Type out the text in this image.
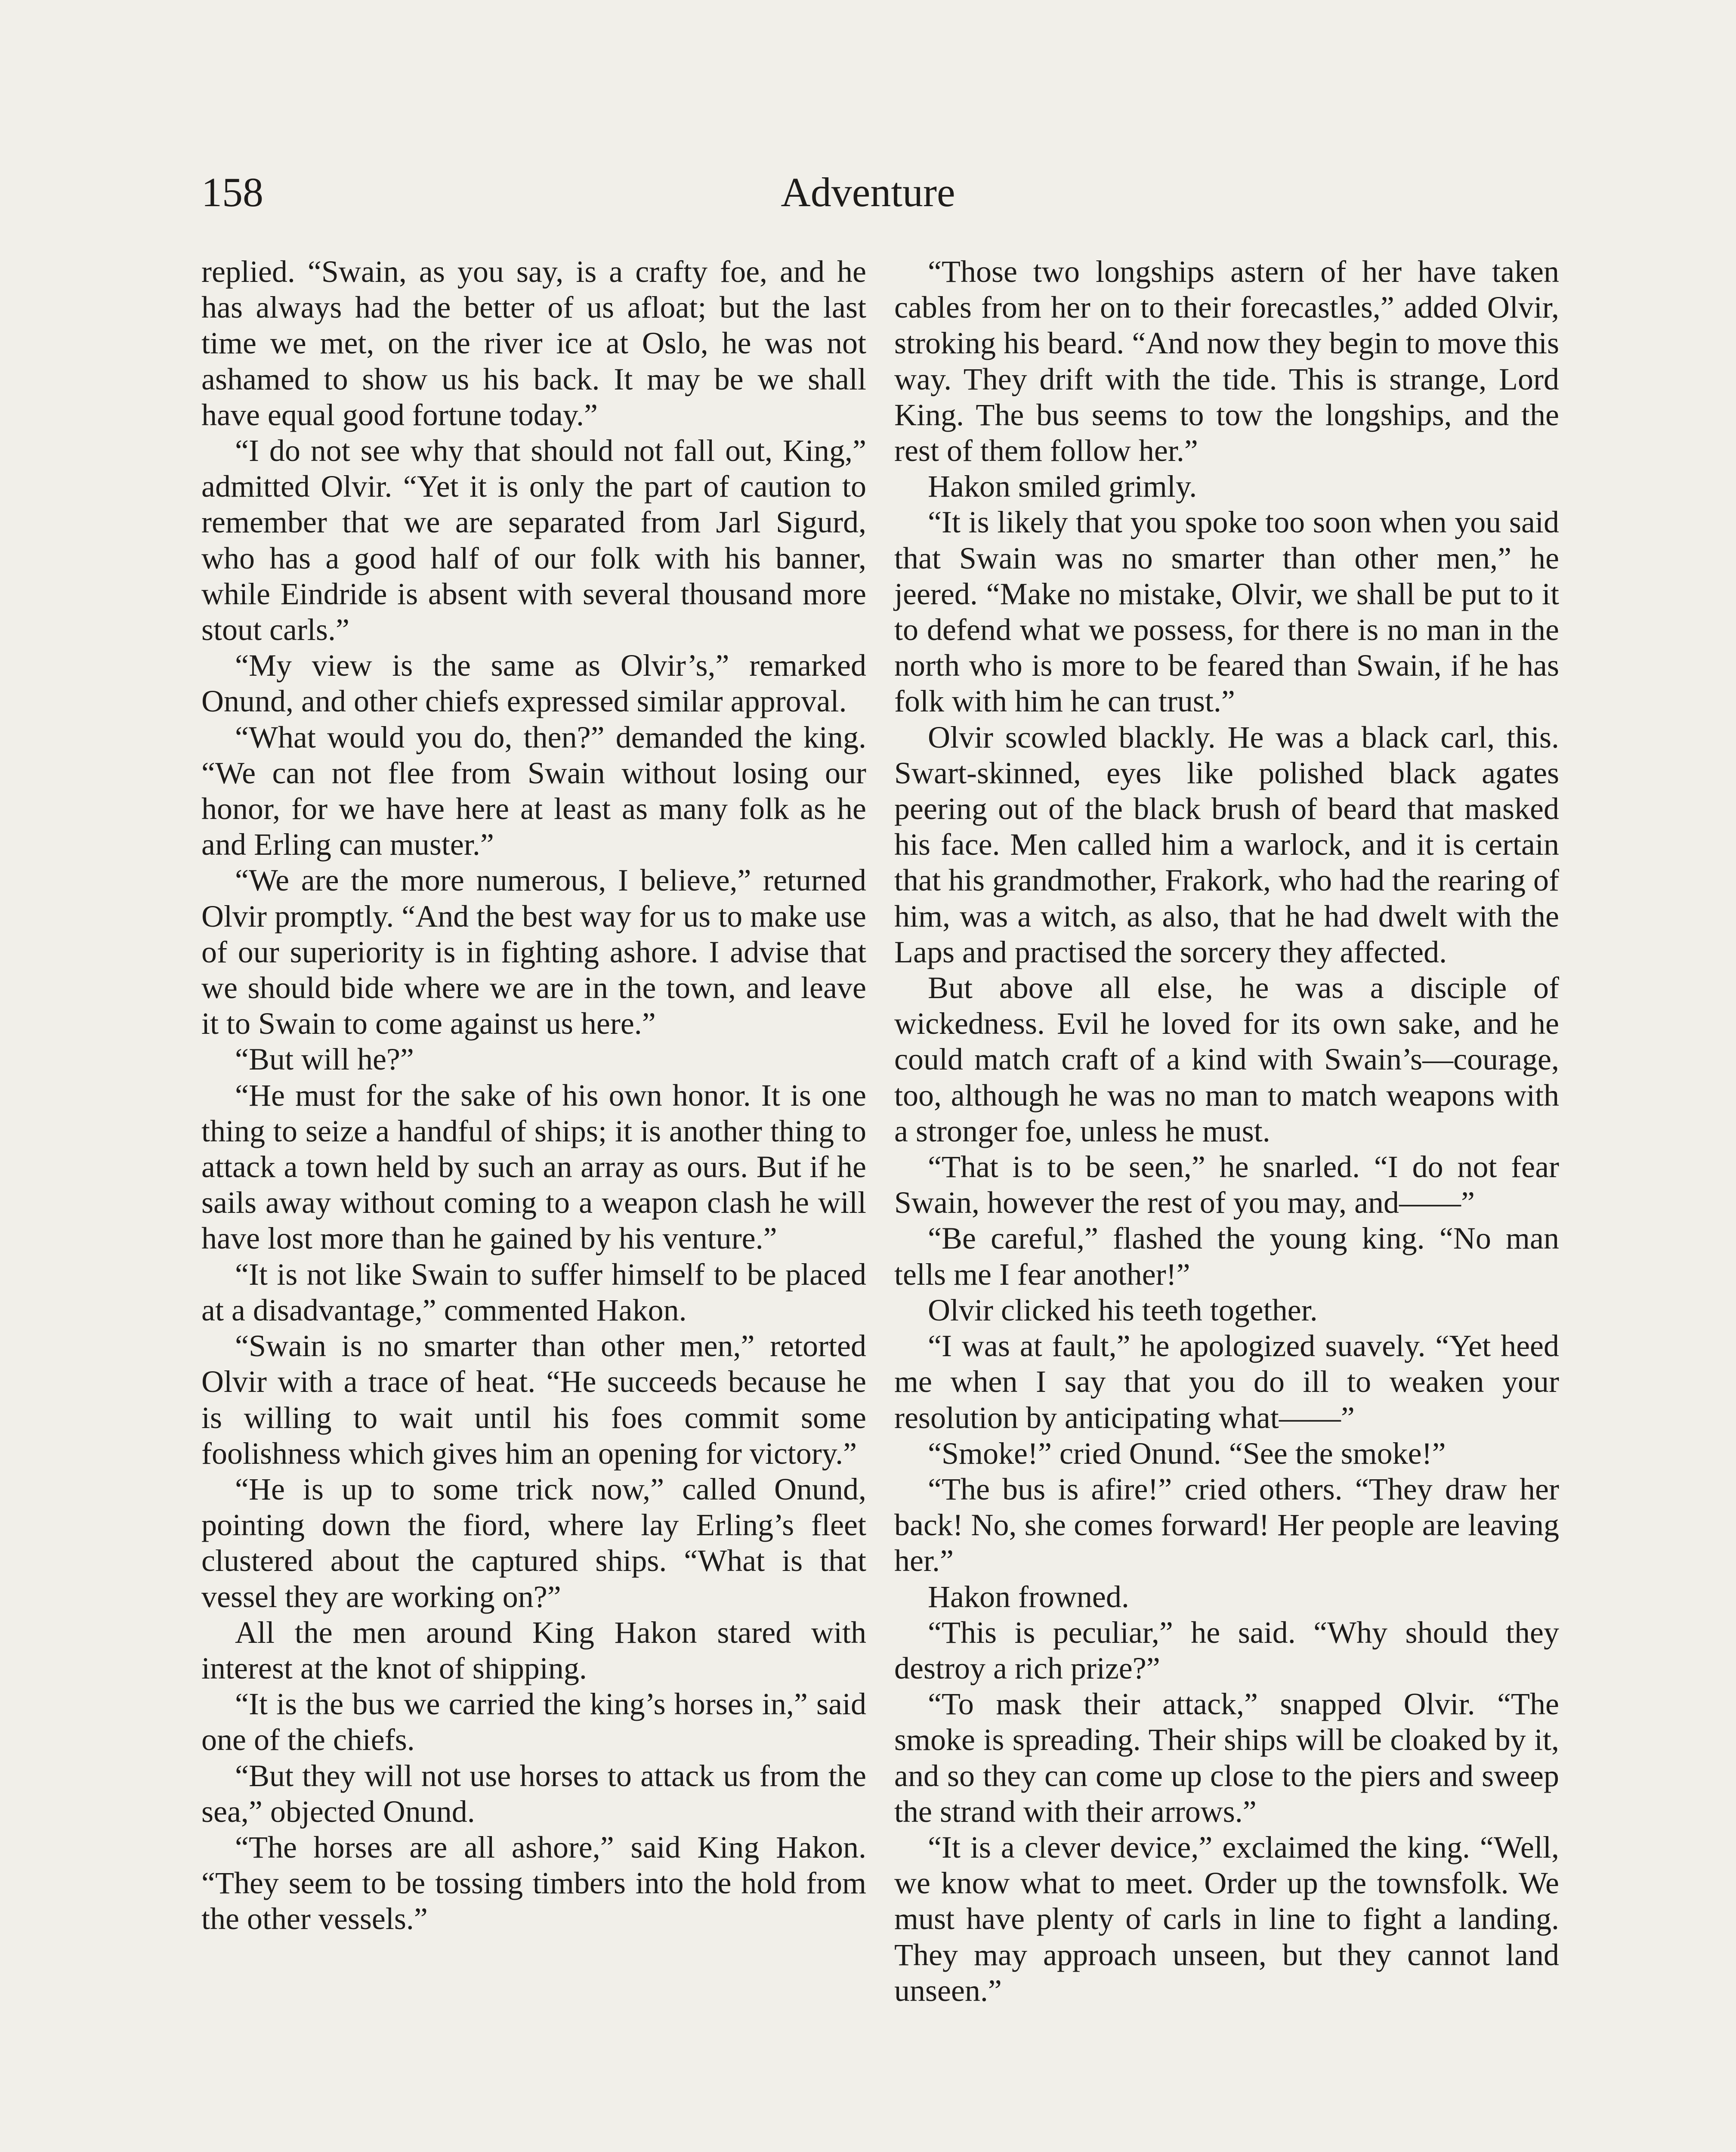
158	Adventure

replied. “Swain, as you say, is a crafty foe, and he has always had the better of us afloat; but the last time we met, on the river ice at Oslo, he was not ashamed to show us his back. It may be we shall have equal good fortune today.”

“I do not see why that should not fall out, King,” admitted Olvir. “Yet it is only the part of caution to remember that we are separated from Jarl Sigurd, who has a good half of our folk with his banner, while Eindride is absent with several thousand more stout carls.”

“My view is the same as Olvir’s,” remarked Onund, and other chiefs expressed similar approval.

“What would you do, then?” demanded the king. “We can not flee from Swain without losing our honor, for we have here at least as many folk as he and Erling can muster.”

“We are the more numerous, I believe,” returned Olvir promptly. “And the best way for us to make use of our superiority is in fighting ashore. I advise that we should bide where we are in the town, and leave it to Swain to come against us here.”

“But will he?”

“He must for the sake of his own honor. It is one thing to seize a handful of ships; it is another thing to attack a town held by such an array as ours. But if he sails away without coming to a weapon clash he will have lost more than he gained by his venture.”

“It is not like Swain to suffer himself to be placed at a disadvantage,” commented Hakon.

“Swain is no smarter than other men,” retorted Olvir with a trace of heat. “He succeeds because he is willing to wait until his foes commit some foolishness which gives him an opening for victory.”

“He is up to some trick now,” called Onund, pointing down the fiord, where lay Erling’s fleet clustered about the captured ships. “What is that vessel they are working on?”

All the men around King Hakon stared with interest at the knot of shipping.

“It is the bus we carried the king’s horses in,” said one of the chiefs.

“But they will not use horses to attack us from the sea,” objected Onund.

“The horses are all ashore,” said King Hakon. “They seem to be tossing timbers into the hold from the other vessels.”

“Those two longships astern of her have taken cables from her on to their forecastles,” added Olvir, stroking his beard. “And now they begin to move this way. They drift with the tide. This is strange, Lord King. The bus seems to tow the longships, and the rest of them follow her.”

Hakon smiled grimly.

“It is likely that you spoke too soon when you said that Swain was no smarter than other men,” he jeered. “Make no mistake, Olvir, we shall be put to it to defend what we possess, for there is no man in the north who is more to be feared than Swain, if he has folk with him he can trust.”

Olvir scowled blackly. He was a black carl, this. Swart-skinned, eyes like polished black agates peering out of the black brush of beard that masked his face. Men called him a warlock, and it is certain that his grandmother, Frakork, who had the rearing of him, was a witch, as also, that he had dwelt with the Laps and practised the sorcery they affected.

But above all else, he was a disciple of wickedness. Evil he loved for its own sake, and he could match craft of a kind with Swain’s—courage, too, although he was no man to match weapons with a stronger foe, unless he must.

“That is to be seen,” he snarled. “I do not fear Swain, however the rest of you may, and——”

“Be careful,” flashed the young king. “No man tells me I fear another!”

Olvir clicked his teeth together.

“I was at fault,” he apologized suavely. “Yet heed me when I say that you do ill to weaken your resolution by anticipating what——”

“Smoke!” cried Onund. “See the smoke!”

“The bus is afire!” cried others. “They draw her back! No, she comes forward! Her people are leaving her.”

Hakon frowned.

“This is peculiar,” he said. “Why should they destroy a rich prize?”

“To mask their attack,” snapped Olvir. “The smoke is spreading. Their ships will be cloaked by it, and so they can come up close to the piers and sweep the strand with their arrows.”

“It is a clever device,” exclaimed the king. “Well, we know what to meet. Order up the townsfolk. We must have plenty of carls in line to fight a landing. They may approach unseen, but they cannot land unseen.”
